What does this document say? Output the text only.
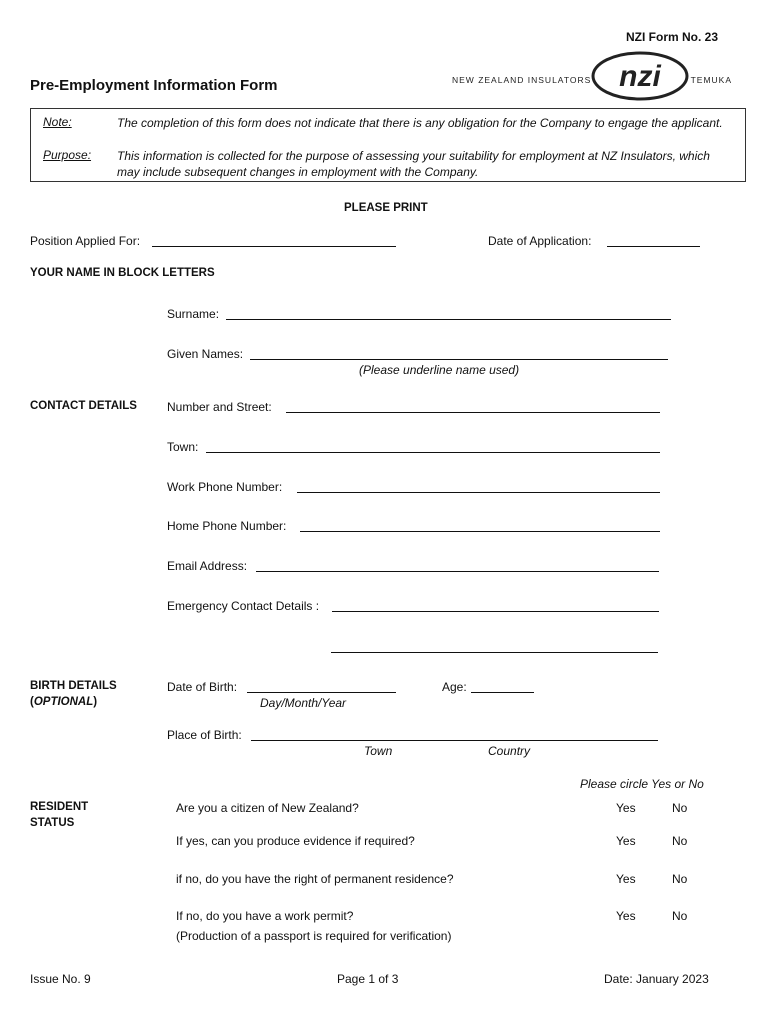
NZI Form No. 23
Pre-Employment Information Form	NEW ZEALAND INSULATORS nzi	TEMUKA
Note:	The completion of this form does not indicate that there is any obligation for the Company to engage the applicant.
Purpose: This information is collected for the purpose of assessing your suitability for employment at NZ Insulators, which may include subsequent changes in employment with the Company.
PLEASE PRINT
Position Applied For:	Date of Application:
YOUR NAME IN BLOCK LETTERS
Surname:
Given Names:
(Please underline name used)
CONTACT DETAILS	Number and Street:
Town:
Work Phone Number:
Home Phone Number:
Email Address:
Emergency Contact Details :
BIRTH DETAILS
(OPTIONAL)
Date of Birth:
Day/Month/Year
Age:
Place of Birth:
Town	Country
Please circle Yes or No
RESIDENT
STATUS
Are you a citizen of New Zealand?	Yes	No
If yes, can you produce evidence if required?	Yes	No
if no, do you have the right of permanent residence?	Yes	No
If no, do you have a work permit?	Yes	No
(Production of a passport is required for verification)
Issue No. 9	Page 1 of 3	Date: January 2023
